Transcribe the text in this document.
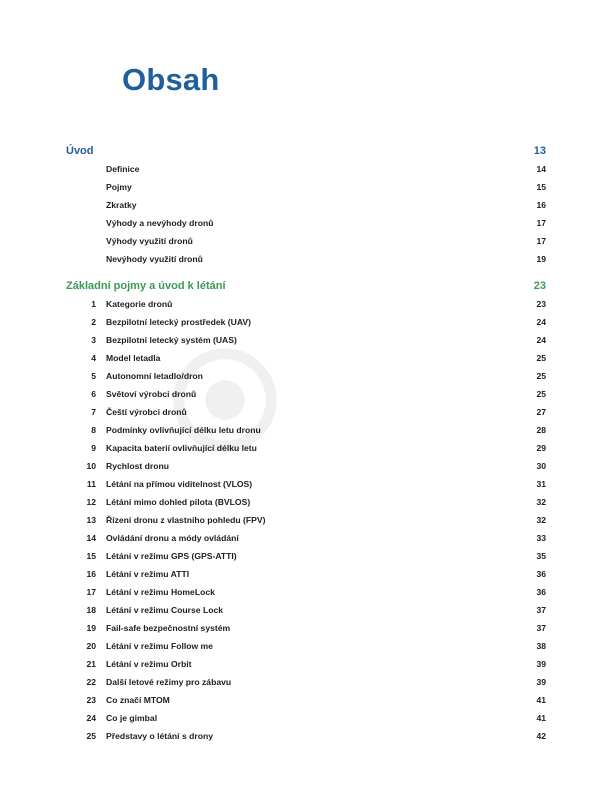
Obsah
Úvod	13
Definice	14
Pojmy	15
Zkratky	16
Výhody a nevýhody dronů	17
Výhody využití dronů	17
Nevýhody využití dronů	19
Základní pojmy a úvod k létání	23
1 Kategorie dronů	23
2 Bezpilotní letecký prostředek (UAV)	24
3 Bezpilotní letecký systém (UAS)	24
4 Model letadla	25
5 Autonomní letadlo/dron	25
6 Světoví výrobci dronů	25
7 Čeští výrobci dronů	27
8 Podmínky ovlivňující délku letu dronu	28
9 Kapacita baterií ovlivňující délku letu	29
10 Rychlost dronu	30
11 Létání na přímou viditelnost (VLOS)	31
12 Létání mimo dohled pilota (BVLOS)	32
13 Řízení dronu z vlastního pohledu (FPV)	32
14 Ovládání dronu a módy ovládání	33
15 Létání v režimu GPS (GPS-ATTI)	35
16 Létání v režimu ATTI	36
17 Létání v režimu HomeLock	36
18 Létání v režimu Course Lock	37
19 Fail-safe bezpečnostní systém	37
20 Létání v režimu Follow me	38
21 Létání v režimu Orbit	39
22 Další letové režimy pro zábavu	39
23 Co značí MTOM	41
24 Co je gimbal	41
25 Představy o létání s drony	42
